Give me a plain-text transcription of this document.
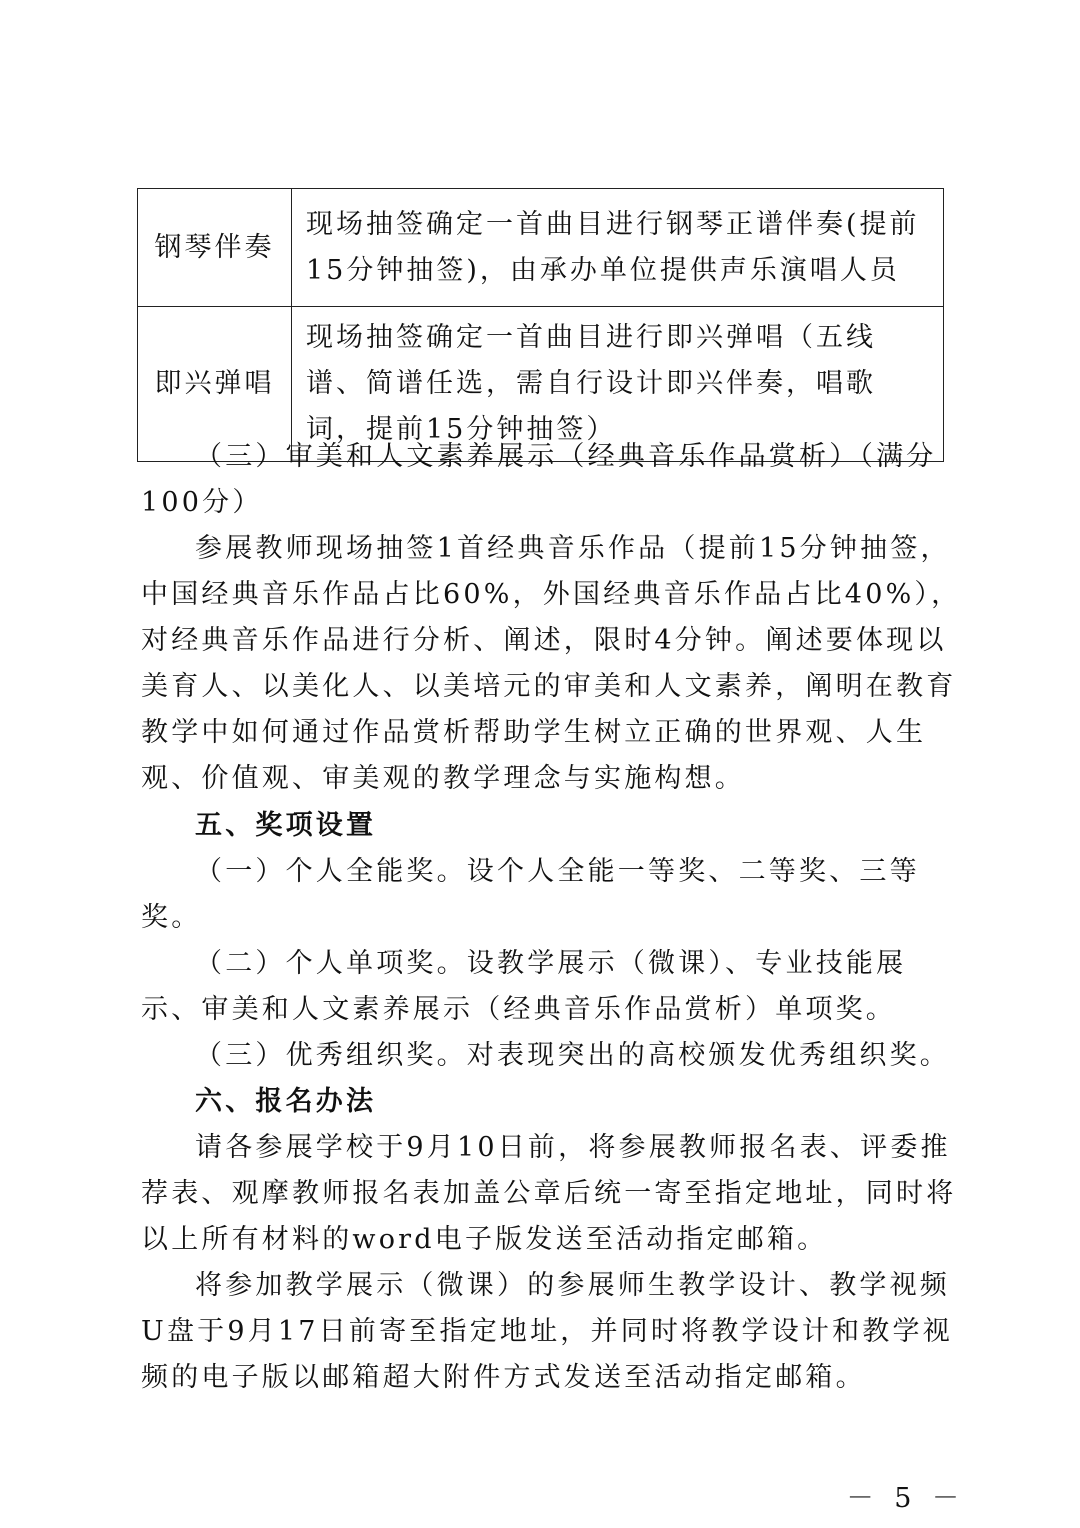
钢琴伴奏	现场抽签确定一首曲目进行钢琴正谱伴奏(提前15分钟抽签)，由承办单位提供声乐演唱人员
即兴弹唱	现场抽签确定一首曲目进行即兴弹唱（五线谱、简谱任选，需自行设计即兴伴奏，唱歌词，提前15分钟抽签）

（三）审美和人文素养展示（经典音乐作品赏析）（满分100分）

参展教师现场抽签1首经典音乐作品（提前15分钟抽签，中国经典音乐作品占比60%，外国经典音乐作品占比40%），对经典音乐作品进行分析、阐述，限时4分钟。阐述要体现以美育人、以美化人、以美培元的审美和人文素养，阐明在教育教学中如何通过作品赏析帮助学生树立正确的世界观、人生观、价值观、审美观的教学理念与实施构想。

五、奖项设置

（一）个人全能奖。设个人全能一等奖、二等奖、三等奖。

（二）个人单项奖。设教学展示（微课）、专业技能展示、审美和人文素养展示（经典音乐作品赏析）单项奖。

（三）优秀组织奖。对表现突出的高校颁发优秀组织奖。

六、报名办法

请各参展学校于9月10日前，将参展教师报名表、评委推荐表、观摩教师报名表加盖公章后统一寄至指定地址，同时将以上所有材料的word电子版发送至活动指定邮箱。

将参加教学展示（微课）的参展师生教学设计、教学视频U盘于9月17日前寄至指定地址，并同时将教学设计和教学视频的电子版以邮箱超大附件方式发送至活动指定邮箱。

－ 5 －
